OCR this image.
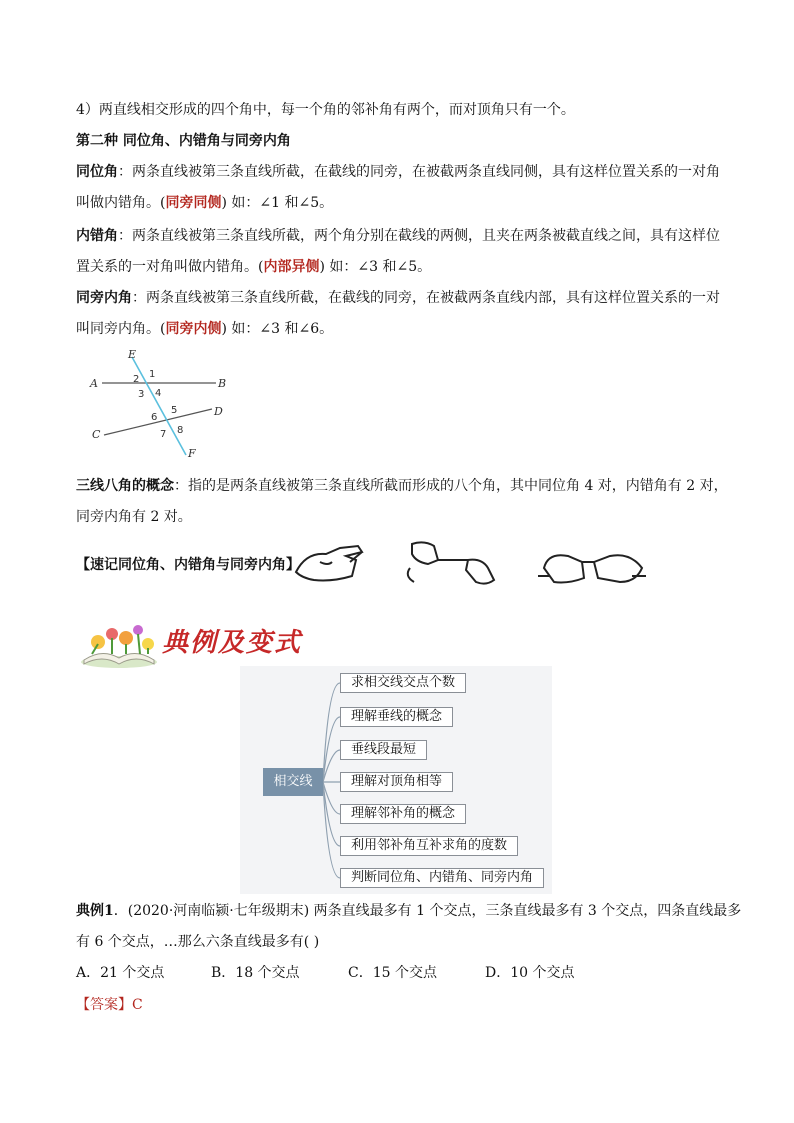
4）两直线相交形成的四个角中，每一个角的邻补角有两个，而对顶角只有一个。
第二种 同位角、内错角与同旁内角
同位角：两条直线被第三条直线所截，在截线的同旁，在被截两条直线同侧，具有这样位置关系的一对角
叫做内错角。(同旁同侧) 如：∠1 和∠5。
内错角：两条直线被第三条直线所截，两个角分别在截线的两侧，且夹在两条被截直线之间，具有这样位
置关系的一对角叫做内错角。(内部异侧) 如：∠3 和∠5。
同旁内角：两条直线被第三条直线所截，在截线的同旁，在被截两条直线内部，具有这样位置关系的一对
叫同旁内角。(同旁内侧) 如：∠3 和∠6。
E
F
A	B
C
D
1
2
3 4
5
6
7 8
三线八角的概念：指的是两条直线被第三条直线所截而形成的八个角，其中同位角 4 对，内错角有 2 对，
同旁内角有 2 对。
【速记同位角、内错角与同旁内角】
典例及变式
相交线
求相交线交点个数
理解垂线的概念
垂线段最短
理解对顶角相等
理解邻补角的概念
利用邻补角互补求角的度数
判断同位角、内错角、同旁内角
典例1．(2020·河南临颍·七年级期末) 两条直线最多有 1 个交点，三条直线最多有 3 个交点，四条直线最多
有 6 个交点，…那么六条直线最多有( )
A．21 个交点	B．18 个交点	C．15 个交点	D．10 个交点
【答案】C
